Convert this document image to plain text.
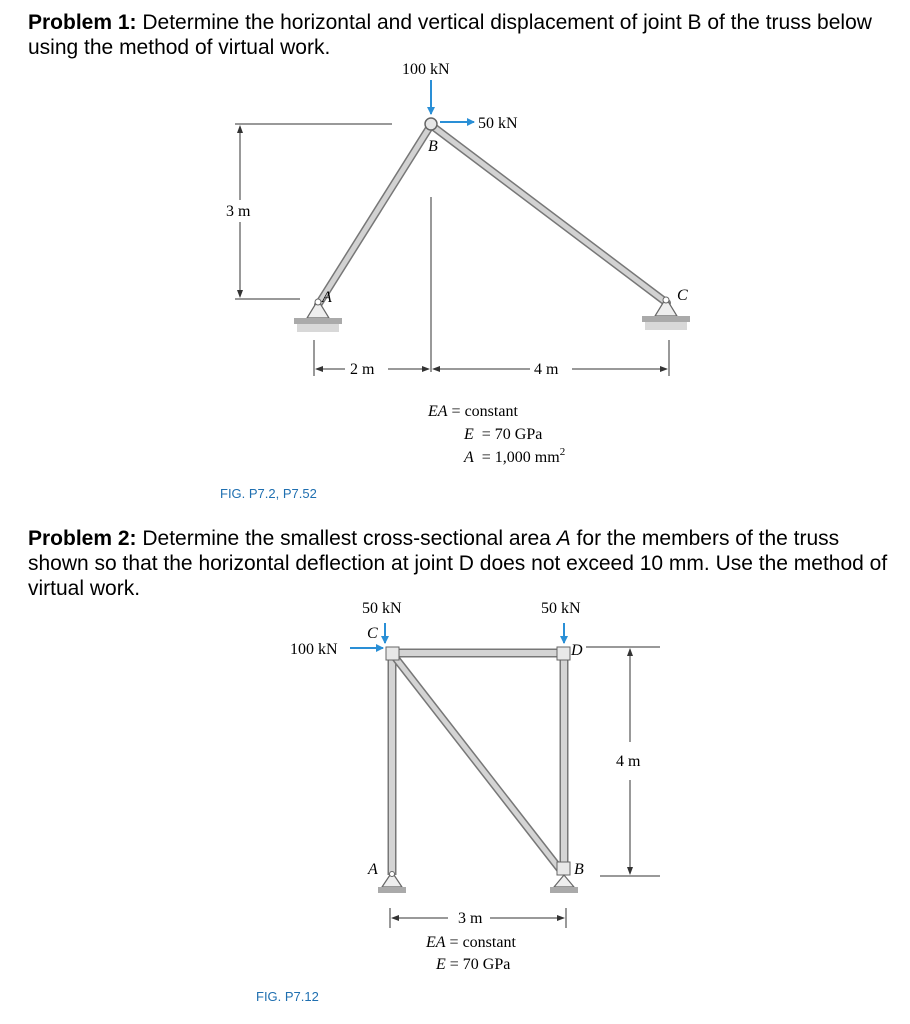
Problem 1: Determine the horizontal and vertical displacement of joint B of the truss below using the method of virtual work.
Problem 2: Determine the smallest cross-sectional area A for the members of the truss shown so that the horizontal deflection at joint D does not exceed 10 mm. Use the method of virtual work.
100 kN
50 kN
B
A	C
3 m
2 m	4 m
EA = constant
E  = 70 GPa
A  = 1,000 $mm^2$
FIG. P7.2, P7.52
50 kN	50 kN
100 kN
C
D
A	B
4 m
3 m
EA = constant
E = 70 GPa
FIG. P7.12
